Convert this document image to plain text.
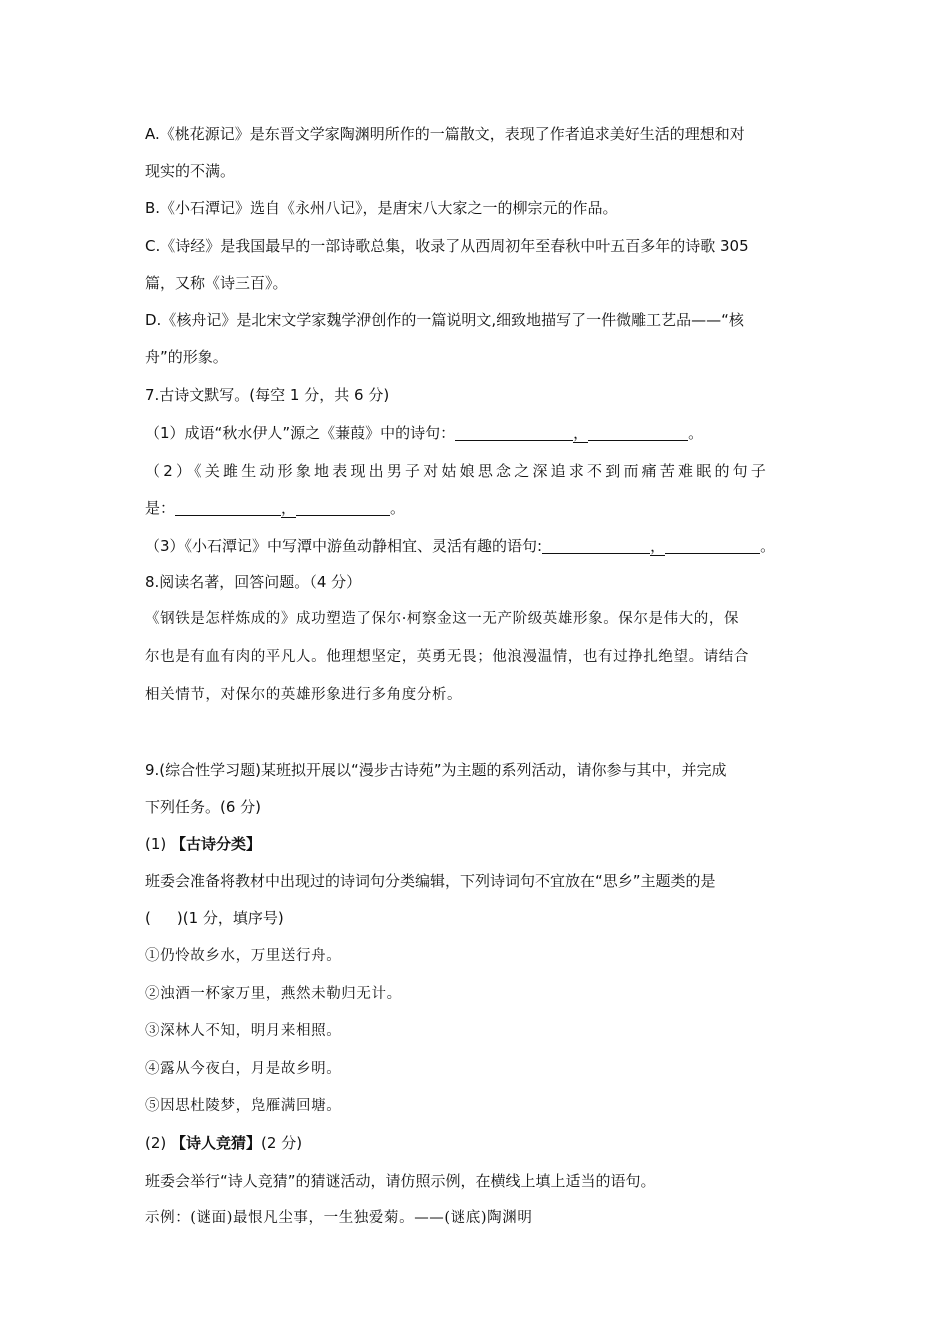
A.《桃花源记》是东晋文学家陶渊明所作的一篇散文，表现了作者追求美好生活的理想和对
现实的不满。
B.《小石潭记》选自《永州八记》，是唐宋八大家之一的柳宗元的作品。
C.《诗经》是我国最早的一部诗歌总集，收录了从西周初年至春秋中叶五百多年的诗歌 305
篇，又称《诗三百》。
D.《核舟记》是北宋文学家魏学洢创作的一篇说明文,细致地描写了一件微雕工艺品——“核
舟”的形象。
7.古诗文默写。(每空 1 分，共 6 分)
（1）成语“秋水伊人”源之《蒹葭》中的诗句：	，	。
（2）《关雎生动形象地表现出男子对姑娘思念之深追求不到而痛苦难眠的句子
是：	，	。
（3）《小石潭记》中写潭中游鱼动静相宜、灵活有趣的语句:	，	。
8.阅读名著，回答问题。（4 分）
《钢铁是怎样炼成的》成功塑造了保尔·柯察金这一无产阶级英雄形象。保尔是伟大的，保
尔也是有血有肉的平凡人。他理想坚定，英勇无畏；他浪漫温情，也有过挣扎绝望。请结合
相关情节，对保尔的英雄形象进行多角度分析。
9.(综合性学习题)某班拟开展以“漫步古诗苑”为主题的系列活动，请你参与其中，并完成
下列任务。(6 分)
(1) 【古诗分类】
班委会准备将教材中出现过的诗词句分类编辑，下列诗词句不宜放在“思乡”主题类的是
( )(1 分，填序号)
①仍怜故乡水，万里送行舟。
②浊酒一杯家万里，燕然未勒归无计。
③深林人不知，明月来相照。
④露从今夜白，月是故乡明。
⑤因思杜陵梦，凫雁满回塘。
(2) 【诗人竞猜】(2 分)
班委会举行“诗人竞猜”的猜谜活动，请仿照示例，在横线上填上适当的语句。
示例：(谜面)最恨凡尘事，一生独爱菊。——(谜底)陶渊明
